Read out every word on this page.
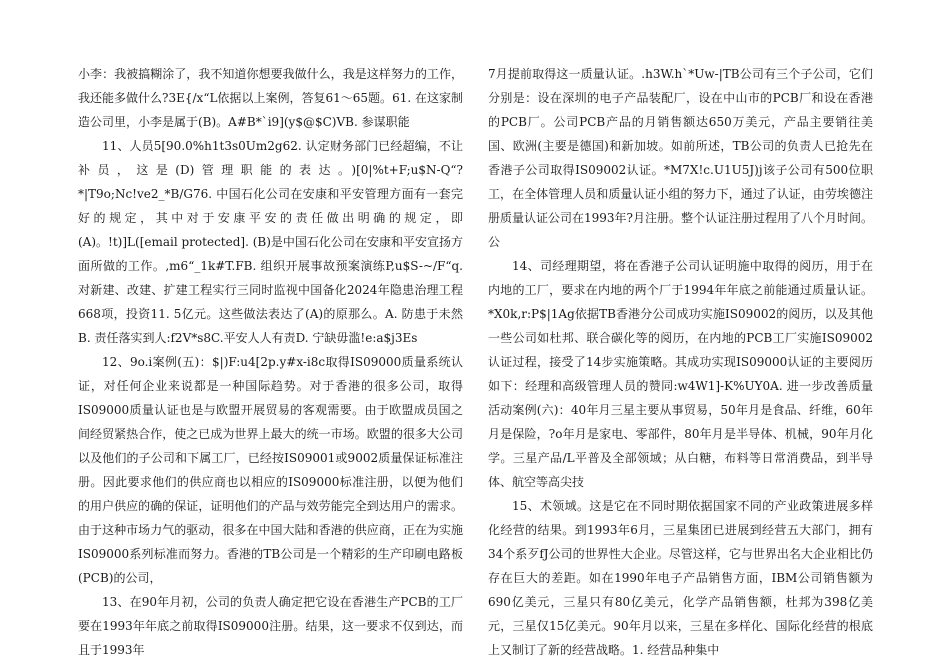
小李：我被搞糊涂了，我不知道你想要我做什么，我是这样努力的工作，我还能多做什么?3E{/x“L依据以上案例，答复61～65题。61. 在这家制造公司里，小李是属于(B)。A#B*`i9](y$@$C)VB. 参谋职能

11、人员5[90.0%h1t3s0Um2g62. 认定财务部门已经超编，不让补员，这是(D)管理职能的表达。)[0|%t+F;u$N-Q“?*|T9o;Nc!ve2_*B/G76. 中国石化公司在安康和平安管理方面有一套完好的规定，其中对于安康平安的责任做出明确的规定，即(A)。!t)]L([email protected]. (B)是中国石化公司在安康和平安宣扬方面所做的工作。,m6“_1k#T.FB. 组织开展事故预案演练P,u$S-~/F“q. 对新建、改建、扩建工程实行三同时监视中国备化2024年隐患治理工程668项，投资11. 5亿元。这些做法表达了(A)的原那么。A. 防患于未然B. 责任落实到人:f2V*s8C.平安人人有责D. 宁缺毋滥!e:a$j3Es

12、9o.i案例(五)：$|)F:u4[2p.y#x-i8c取得IS09000质量系统认证，对任何企业来说都是一种国际趋势。对于香港的很多公司，取得IS09000质量认证也是与欧盟开展贸易的客观需要。由于欧盟成员国之间经贸紧热合作，使之已成为世界上最大的统一市场。欧盟的很多大公司以及他们的子公司和下属工厂，已经按IS09001或9002质量保证标准注册。因此要求他们的供应商也以相应的IS09000标准注册，以便为他们的用户供应的确的保证，证明他们的产品与效劳能完全到达用户的需求。由于这种市场力气的驱动，很多在中国大陆和香港的供应商，正在为实施IS09000系列标准而努力。香港的TB公司是一个精彩的生产印刷电路板(PCB)的公司，

13、在90年月初，公司的负责人确定把它设在香港生产PCB的工厂要在1993年年底之前取得IS09000注册。结果，这一要求不仅到达，而且于1993年

7月提前取得这一质量认证。.h3W.h`*Uw-|TB公司有三个子公司，它们分别是：设在深圳的电子产品装配厂，设在中山市的PCB厂和设在香港的PCB厂。公司PCB产品的月销售额达650万美元，产品主要销往美国、欧洲(主要是德国)和新加坡。如前所述，TB公司的负责人已抢先在香港子公司取得IS09002认证。*M7X!c.U1U5J)j该子公司有500位职工，在全体管理人员和质量认证小组的努力下，通过了认证，由劳埃德注册质量认证公司在1993年?月注册。整个认证注册过程用了八个月时间。公

14、司经理期望，将在香港子公司认证明施中取得的阅历，用于在内地的工厂，要求在内地的两个厂于1994年年底之前能通过质量认证。*X0k,r:P$|1Ag依据TB香港分公司成功实施IS09002的阅历，以及其他一些公司如杜邦、联合碳化等的阅历，在内地的PCB工厂实施IS09002认证过程，接受了14步实施策略。其成功实现IS09000认证的主要阅历如下：经理和高级管理人员的赞同:w4W1]-K%UY0A. 进一步改善质量活动案例(六)：40年月三星主要从事贸易，50年月是食品、纤维，60年月是保险，?o年月是家电、零部件，80年月是半导体、机械，90年月化学。三星产品/L平普及全部领域；从白糖，布料等日常消费品，到半导体、航空等高尖技

15、术领域。这是它在不同时期依据国家不同的产业政策进展多样化经营的结果。到1993年6月，三星集团已进展到经营五大部门，拥有34个系歹fJ公司的世界性大企业。尽管这样，它与世界出名大企业相比仍存在巨大的差距。如在1990年电子产品销售方面，IBM公司销售额为690亿美元，三星只有80亿美元，化学产品销售额，杜邦为398亿美元，三星仅15亿美元。90年月以来，三星在多样化、国际化经营的根底上又制订了新的经营战略。1. 经营品种集中
